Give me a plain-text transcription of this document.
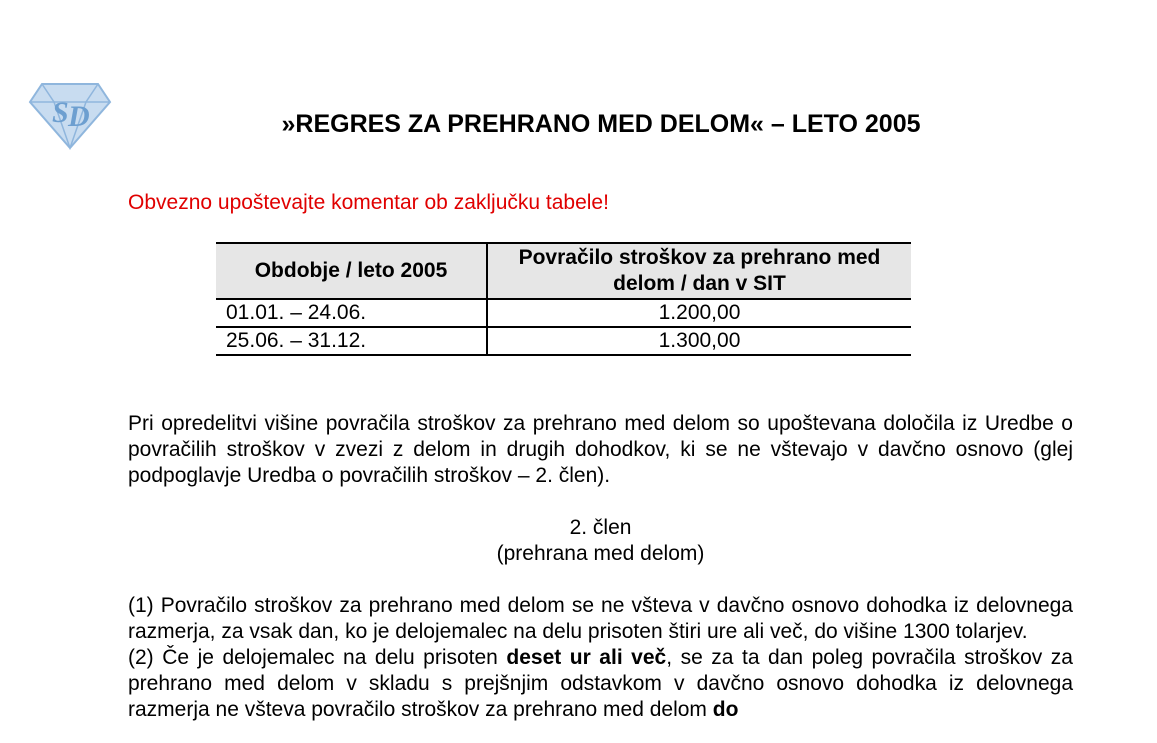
S D	»REGRES ZA PREHRANO MED DELOM« – LETO 2005
Obvezno upoštevajte komentar ob zaključku tabele!
Obdobje / leto 2005	Povračilo stroškov za prehrano med delom / dan v SIT
01.01. – 24.06.	1.200,00
25.06. – 31.12.	1.300,00

Pri opredelitvi višine povračila stroškov za prehrano med delom so upoštevana določila iz Uredbe o povračilih stroškov v zvezi z delom in drugih dohodkov, ki se ne vštevajo v davčno osnovo (glej podpoglavje Uredba o povračilih stroškov – 2. člen).

2. člen
(prehrana med delom)

(1) Povračilo stroškov za prehrano med delom se ne všteva v davčno osnovo dohodka iz delovnega razmerja, za vsak dan, ko je delojemalec na delu prisoten štiri ure ali več, do višine 1300 tolarjev.

(2) Če je delojemalec na delu prisoten deset ur ali več, se za ta dan poleg povračila stroškov za prehrano med delom v skladu s prejšnjim odstavkom v davčno osnovo dohodka iz delovnega razmerja ne všteva povračilo stroškov za prehrano med delom do
